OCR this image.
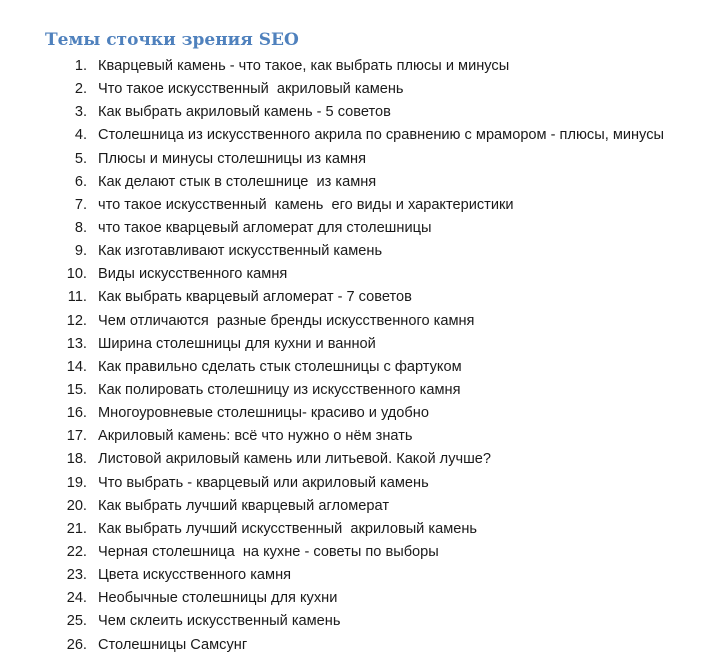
Темы сточки зрения SEO
1. Кварцевый камень - что такое, как выбрать плюсы и минусы
2. Что такое искусственный  акриловый камень
3. Как выбрать акриловый камень - 5 советов
4. Столешница из искусственного акрила по сравнению с мрамором - плюсы, минусы
5. Плюсы и минусы столешницы из камня
6. Как делают стык в столешнице  из камня
7. что такое искусственный  камень  его виды и характеристики
8. что такое кварцевый агломерат для столешницы
9. Как изготавливают искусственный камень
10. Виды искусственного камня
11. Как выбрать кварцевый агломерат - 7 советов
12. Чем отличаются  разные бренды искусственного камня
13. Ширина столешницы для кухни и ванной
14. Как правильно сделать стык столешницы с фартуком
15. Как полировать столешницу из искусственного камня
16. Многоуровневые столешницы- красиво и удобно
17. Акриловый камень: всё что нужно о нём знать
18. Листовой акриловый камень или литьевой. Какой лучше?
19. Что выбрать - кварцевый или акриловый камень
20. Как выбрать лучший кварцевый агломерат
21. Как выбрать лучший искусственный  акриловый камень
22. Черная столешница  на кухне - советы по выборы
23. Цвета искусственного камня
24. Необычные столешницы для кухни
25. Чем склеить искусственный камень
26. Столешницы Самсунг
